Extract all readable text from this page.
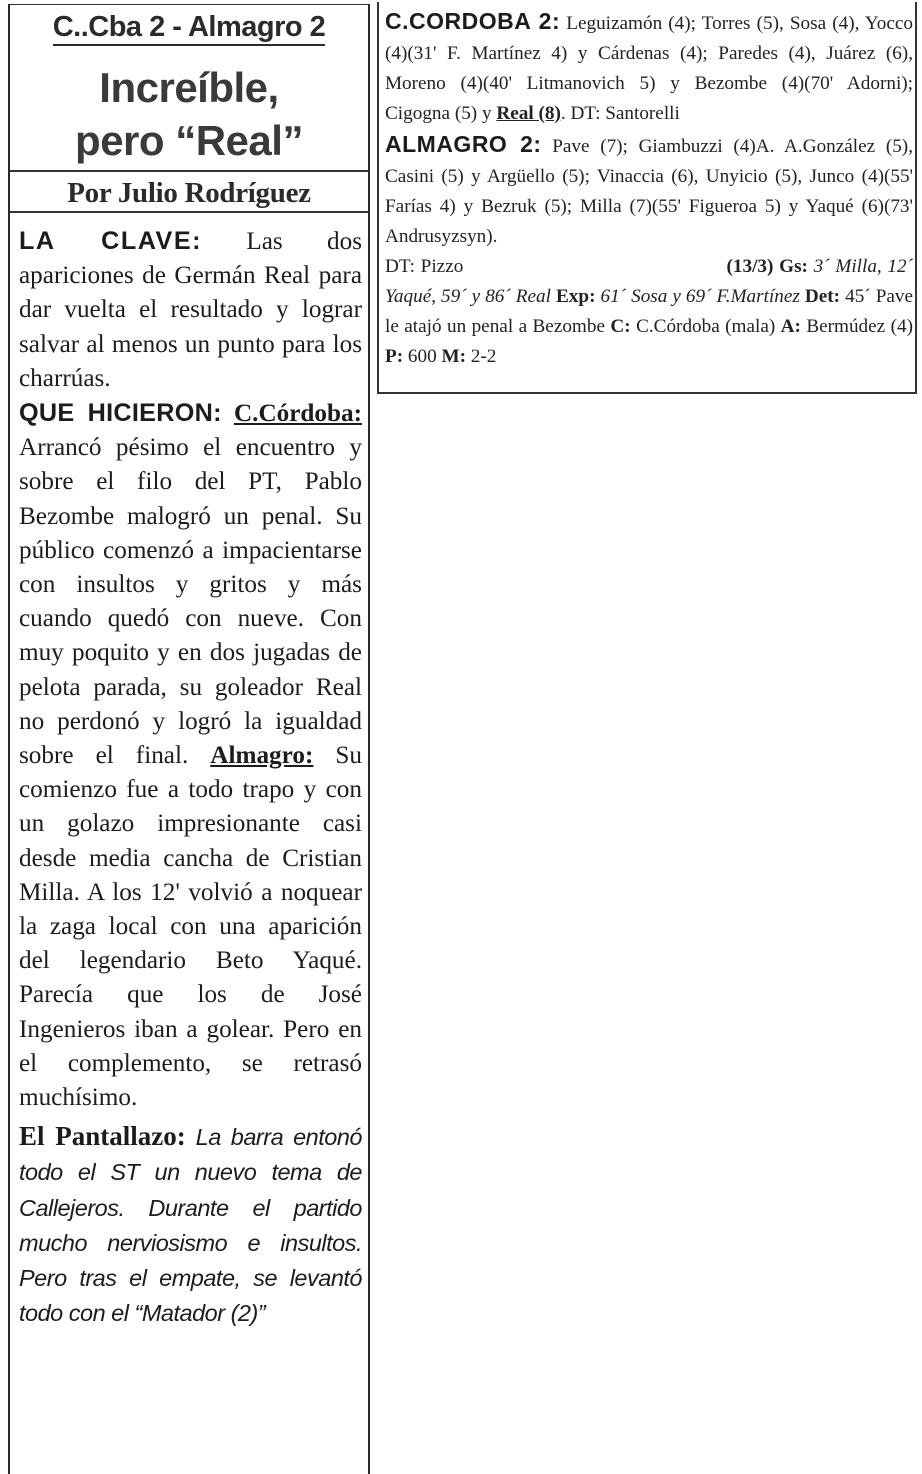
C..Cba 2 - Almagro 2
Increíble,
pero “Real”
Por Julio Rodríguez

LA CLAVE: Las dos apariciones de Germán Real para dar vuelta el resultado y lograr salvar al menos un punto para los charrúas.

QUE HICIERON: C.Córdoba: Arrancó pésimo el encuentro y sobre el filo del PT, Pablo Bezombe malogró un penal. Su público comenzó a impacientarse con insultos y gritos y más cuando quedó con nueve. Con muy poquito y en dos jugadas de pelota parada, su goleador Real no perdonó y logró la igualdad sobre el final. Almagro: Su comienzo fue a todo trapo y con un golazo impresionante casi desde media cancha de Cristian Milla. A los 12' volvió a noquear la zaga local con una aparición del legendario Beto Yaqué. Parecía que los de José Ingenieros iban a golear. Pero en el complemento, se retrasó muchísimo.

El Pantallazo: La barra entonó todo el ST un nuevo tema de Callejeros. Durante el partido mucho nerviosismo e insultos. Pero tras el empate, se levantó todo con el “Matador (2)”

C.CORDOBA 2: Leguizamón (4); Torres (5), Sosa (4), Yocco (4)(31' F. Martínez 4) y Cárdenas (4); Paredes (4), Juárez (6), Moreno (4)(40' Litmanovich 5) y Bezombe (4)(70' Adorni); Cigogna (5) y Real (8). DT: Santorelli

ALMAGRO 2: Pave (7); Giambuzzi (4)A. A.González (5), Casini (5) y Argüello (5); Vinaccia (6), Unyicio (5), Junco (4)(55' Farías 4) y Bezruk (5); Milla (7)(55' Figueroa 5) y Yaqué (6)(73' Andrusyzsyn).

DT: Pizzo	(13/3) Gs: 3´ Milla, 12´ Yaqué, 59´ y 86´ Real Exp: 61´ Sosa y 69´ F.Martínez Det: 45´ Pave le atajó un penal a Bezombe C: C.Córdoba (mala) A: Bermúdez (4) P: 600 M: 2-2
